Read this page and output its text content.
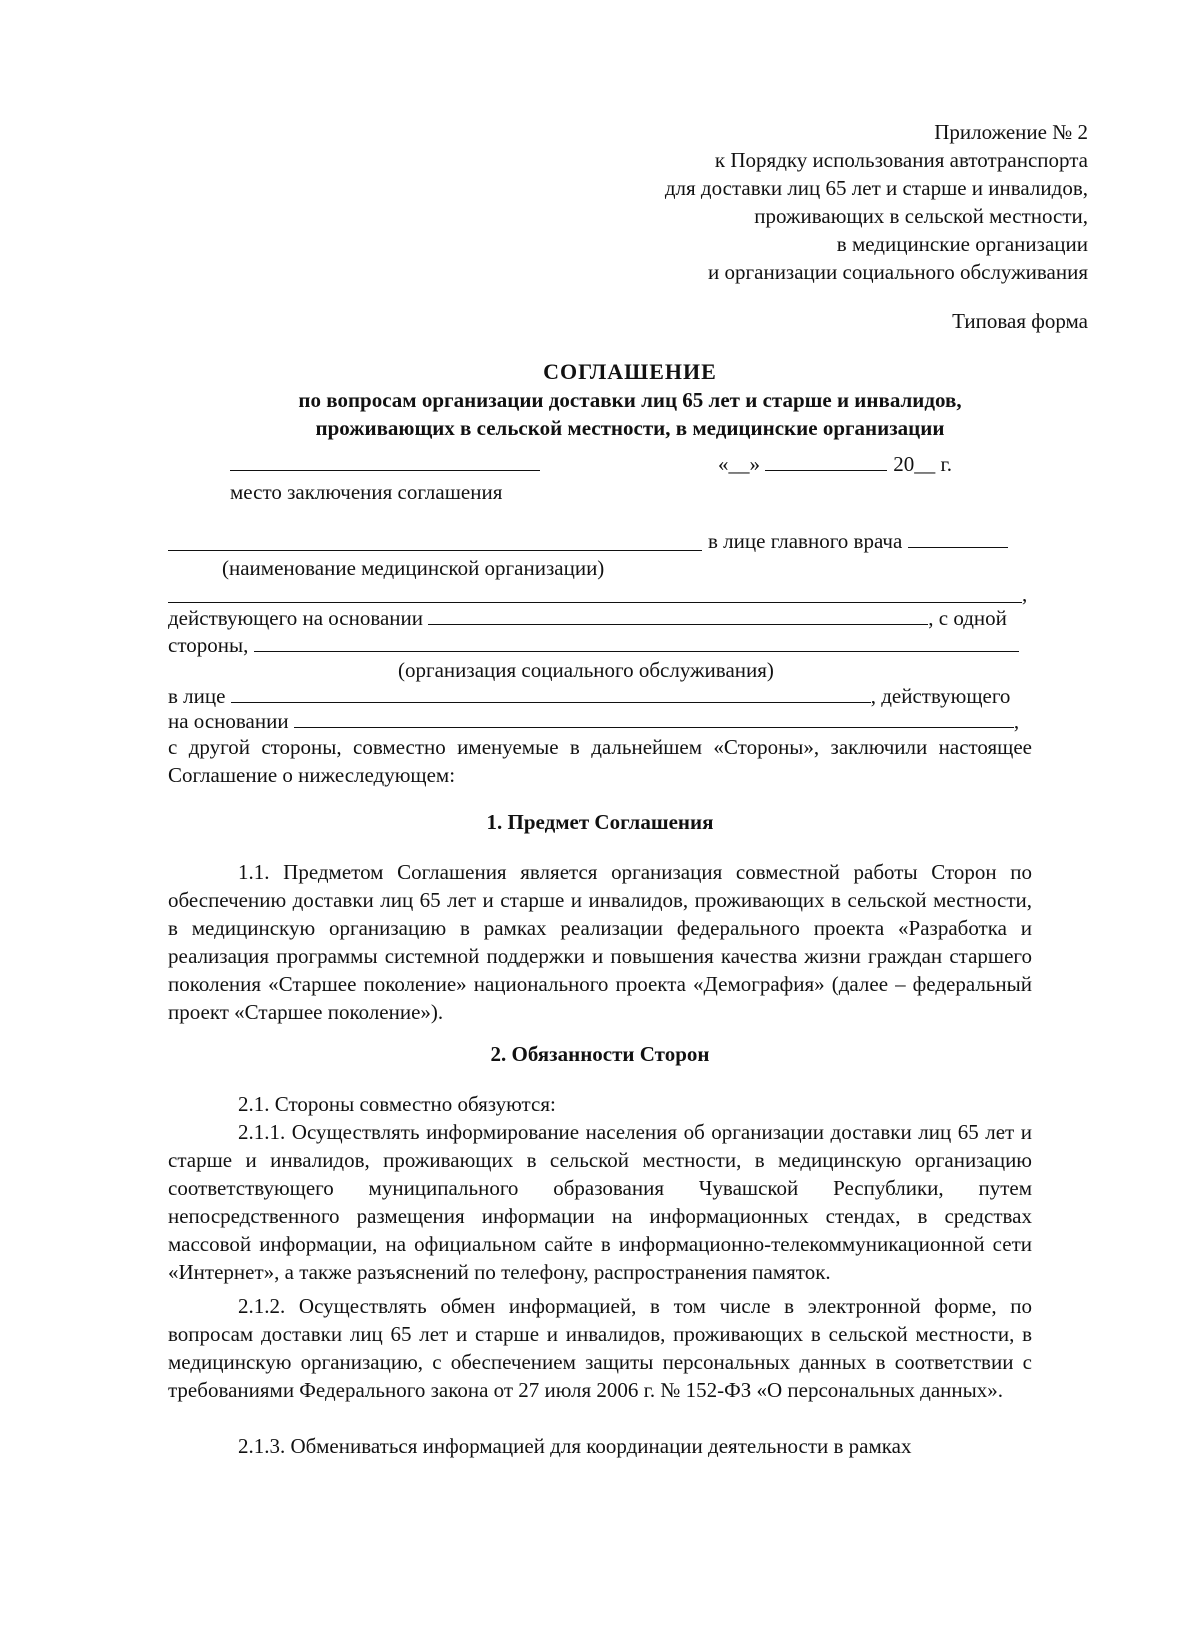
Приложение № 2
к Порядку использования автотранспорта
для доставки лиц 65 лет и старше и инвалидов,
проживающих в сельской местности,
в медицинские организации
и организации социального обслуживания
Типовая форма
СОГЛАШЕНИЕ
по вопросам организации доставки лиц 65 лет и старше и инвалидов,
проживающих в сельской местности, в медицинские организации
«__»	20__ г.
место заключения соглашения
в лице главного врача
(наименование медицинской организации)
,
действующего на основании	, с одной
стороны,
(организация социального обслуживания)
в лице	, действующего
на основании	,
с другой стороны, совместно именуемые в дальнейшем «Стороны», заключили настоящее Соглашение о нижеследующем:
1. Предмет Соглашения
1.1. Предметом Соглашения является организация совместной работы Сторон по обеспечению доставки лиц 65 лет и старше и инвалидов, проживающих в сельской местности, в медицинскую организацию в рамках реализации федерального проекта «Разработка и реализация программы системной поддержки и повышения качества жизни граждан старшего поколения «Старшее поколение» национального проекта «Демография» (далее – федеральный проект «Старшее поколение»).
2. Обязанности Сторон
2.1. Стороны совместно обязуются:
2.1.1. Осуществлять информирование населения об организации доставки лиц 65 лет и старше и инвалидов, проживающих в сельской местности, в медицинскую организацию соответствующего муниципального образования Чувашской Республики, путем непосредственного размещения информации на информационных стендах, в средствах массовой информации, на официальном сайте в информационно-телекоммуникационной сети «Интернет», а также разъяснений по телефону, распространения памяток.
2.1.2. Осуществлять обмен информацией, в том числе в электронной форме, по вопросам доставки лиц 65 лет и старше и инвалидов, проживающих в сельской местности, в медицинскую организацию, с обеспечением защиты персональных данных в соответствии с требованиями Федерального закона от 27 июля 2006 г. № 152-ФЗ «О персональных данных».
2.1.3. Обмениваться информацией для координации деятельности в рамках
